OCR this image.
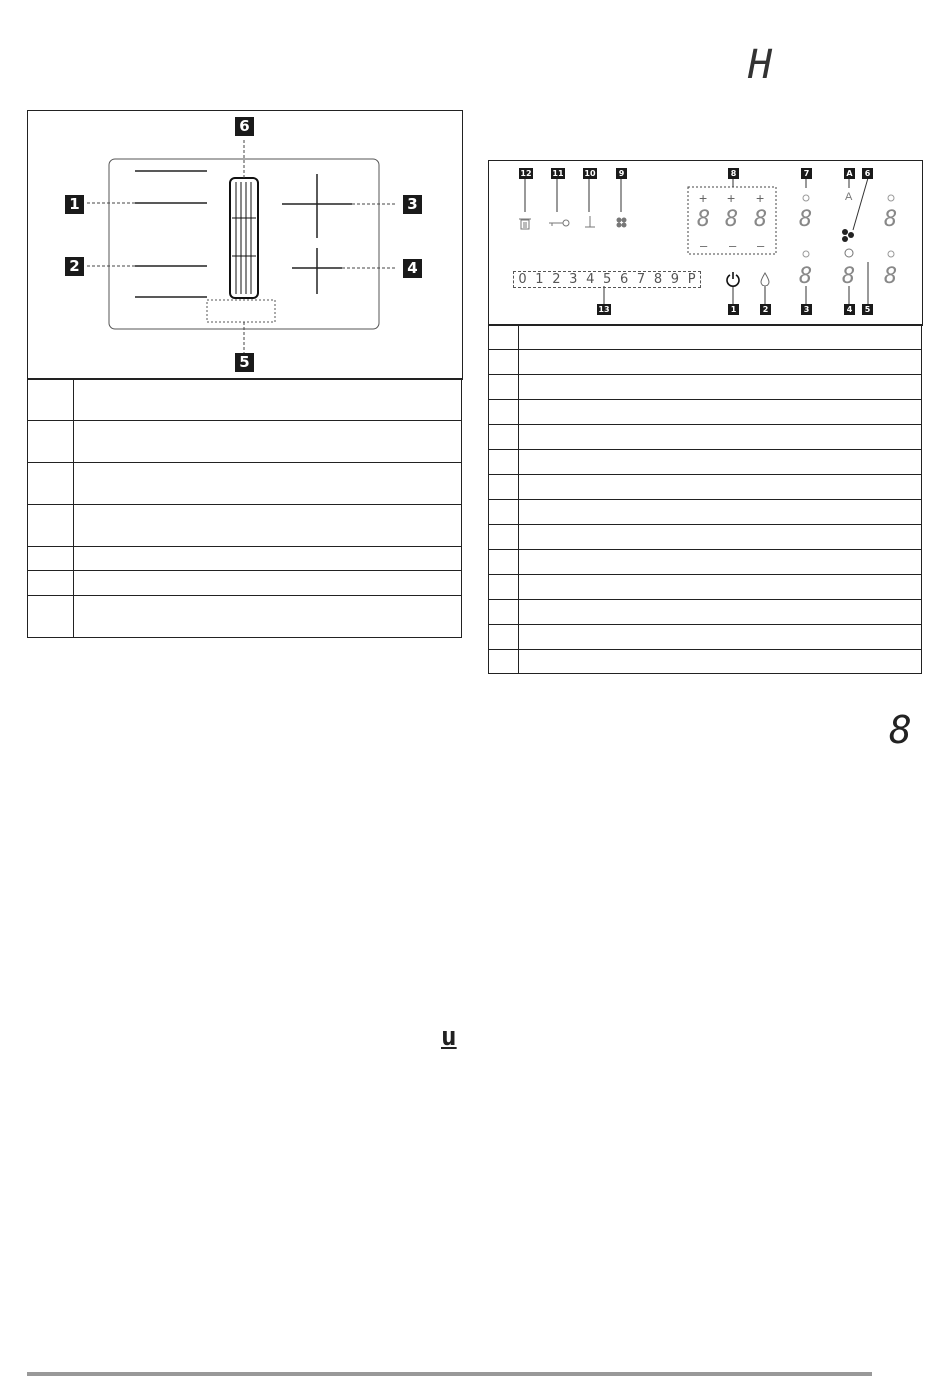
H
1
2
3
4
5
6

12	11	10	9	8	7	A	6
+ + +
8 8 8
– – –
A
8	8
8 8 8
0 1 2 3 4 5 6 7 8 9 P
13	1	2	3	4	5

8
u
